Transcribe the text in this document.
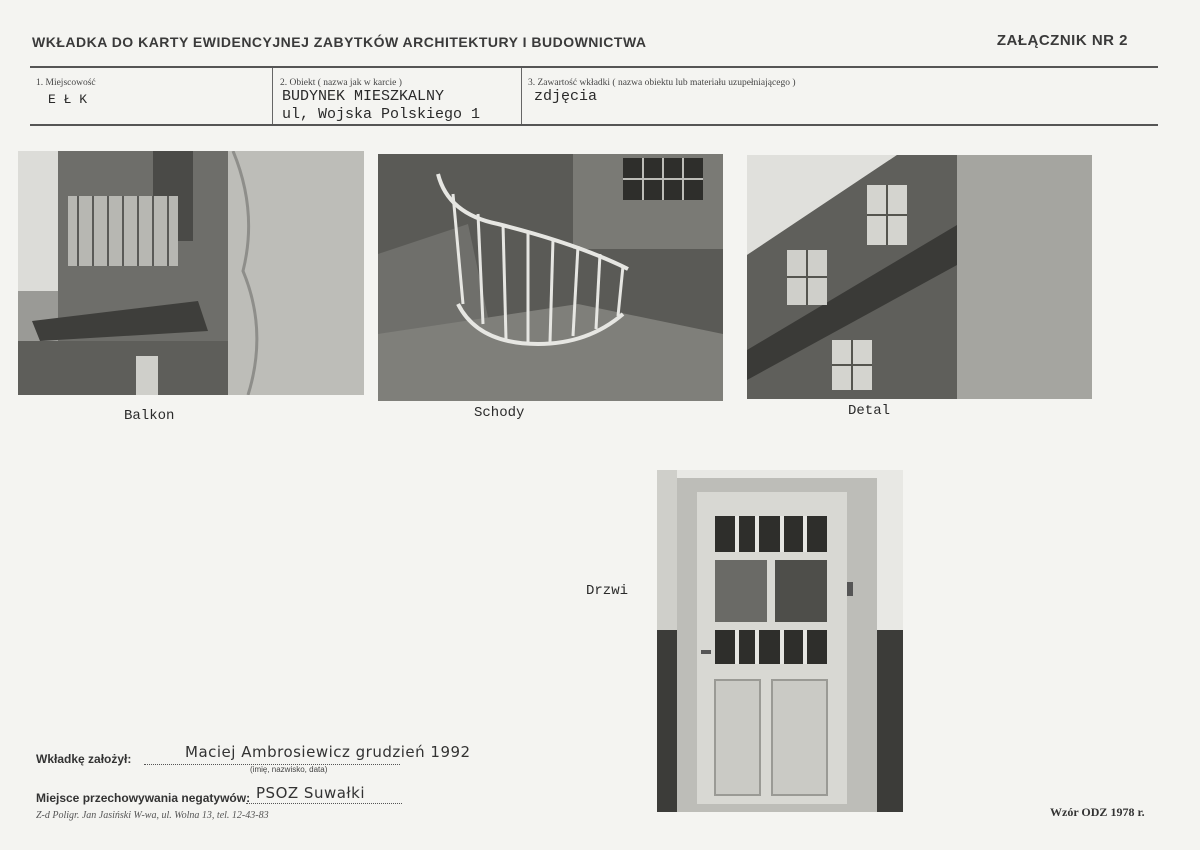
WKŁADKA DO KARTY EWIDENCYJNEJ ZABYTKÓW ARCHITEKTURY I BUDOWNICTWA	ZAŁĄCZNIK NR 2
1. Miejscowość
E Ł K
2. Obiekt ( nazwa jak w karcie )
BUDYNEK MIESZKALNY
ul, Wojska Polskiego 1
3. Zawartość wkładki ( nazwa obiektu lub materiału uzupełniającego )
zdjęcia
Balkon	Schody	Detal
Drzwi
Wkładkę założył:	Maciej Ambrosiewicz grudzień 1992
(imię, nazwisko, data)
Miejsce przechowywania negatywów: PSOZ Suwałki
Z-d Poligr. Jan Jasiński W-wa, ul. Wolna 13, tel. 12-43-83	Wzór ODZ 1978 r.
